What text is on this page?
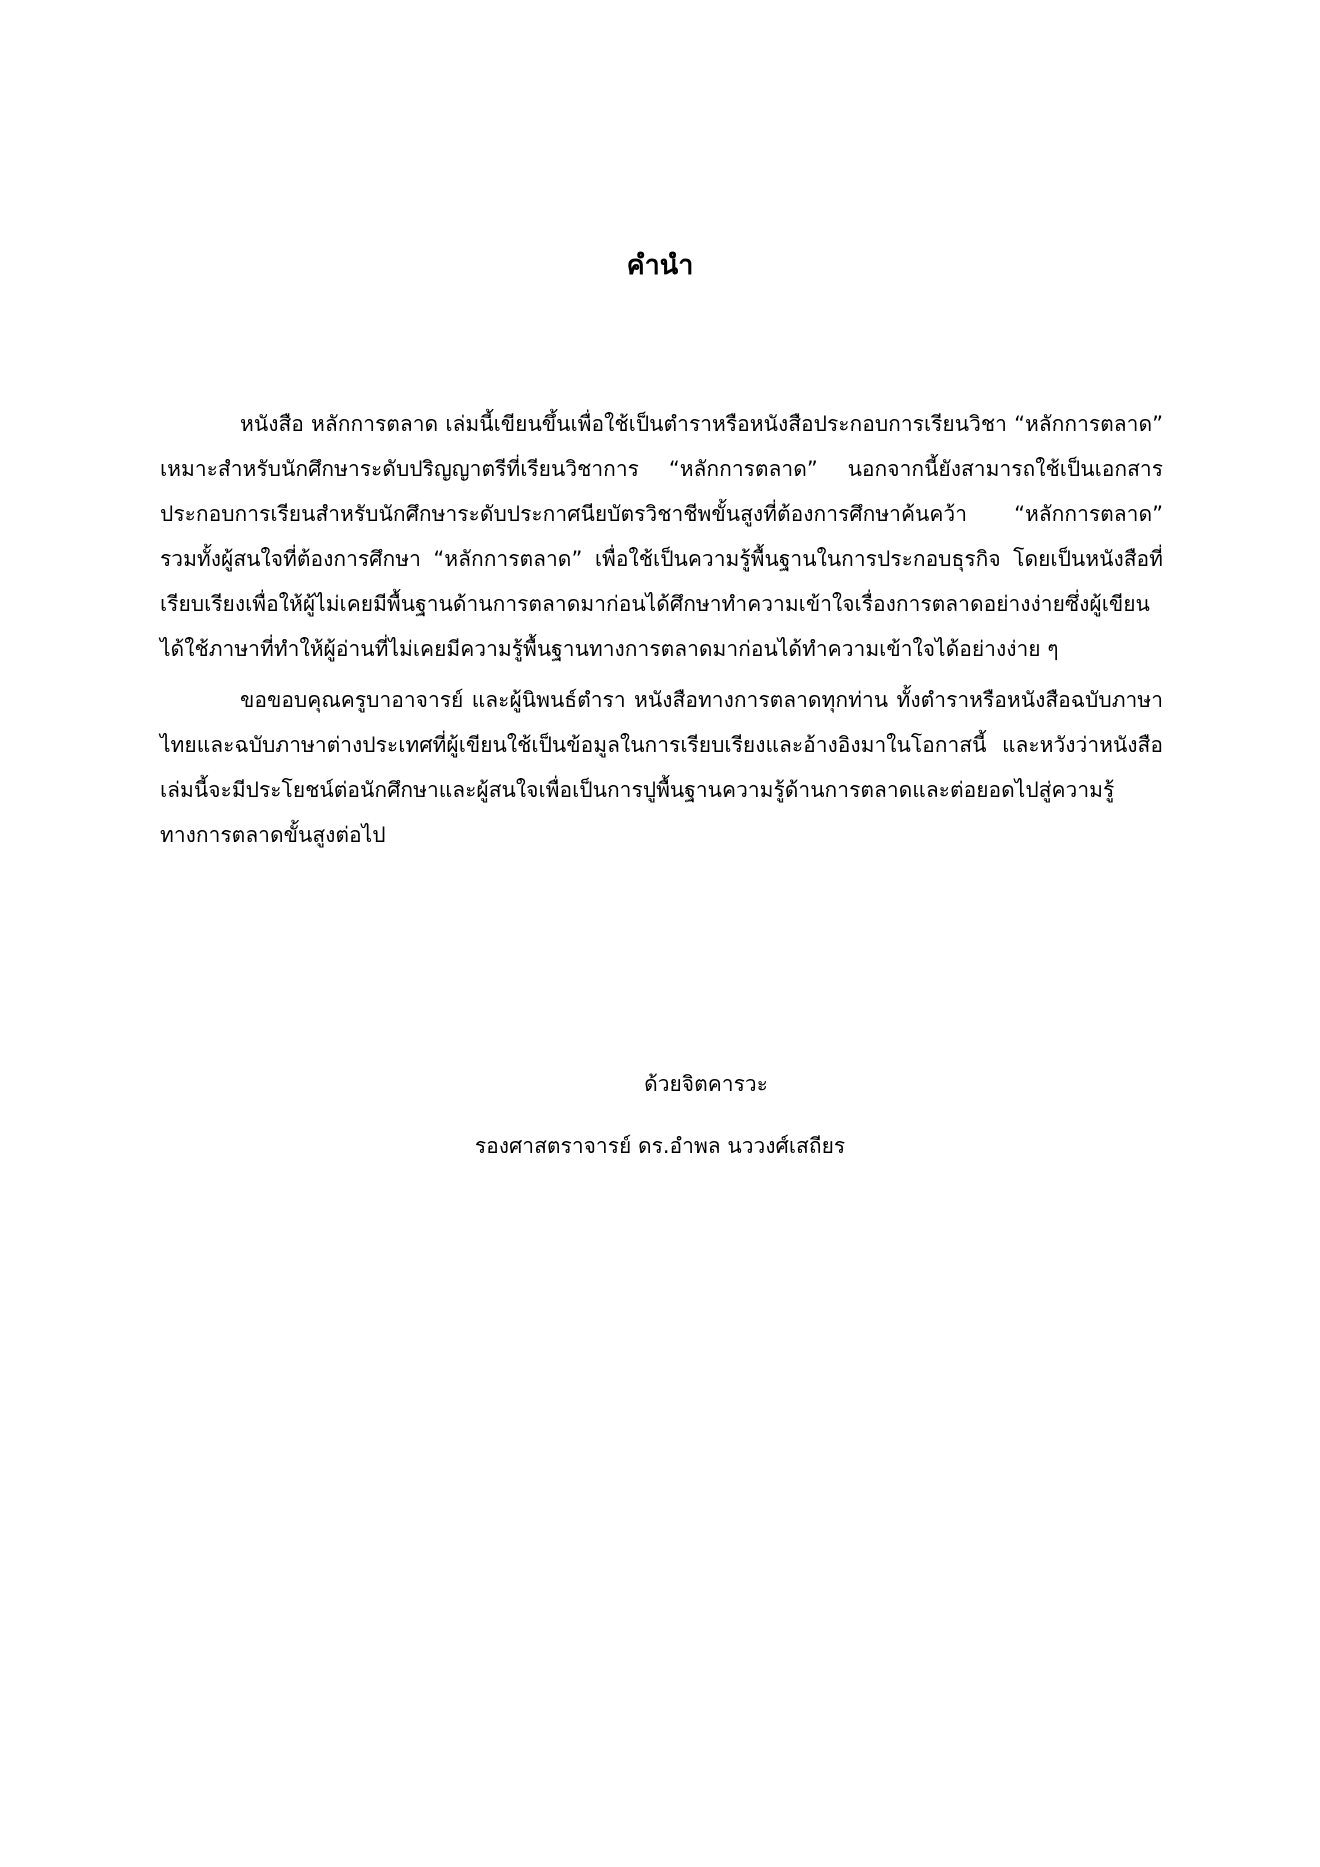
คำนำ

หนังสือ หลักการตลาด เล่มนี้เขียนขึ้นเพื่อใช้เป็นตำราหรือหนังสือประกอบการเรียนวิชา “หลักการตลาด” เหมาะสำหรับนักศึกษาระดับปริญญาตรีที่เรียนวิชาการ “หลักการตลาด” นอกจากนี้ยังสามารถใช้เป็นเอกสารประกอบการเรียนสำหรับนักศึกษาระดับประกาศนียบัตรวิชาชีพขั้นสูงที่ต้องการศึกษาค้นคว้า “หลักการตลาด” รวมทั้งผู้สนใจที่ต้องการศึกษา “หลักการตลาด” เพื่อใช้เป็นความรู้พื้นฐานในการประกอบธุรกิจ โดยเป็นหนังสือที่เรียบเรียงเพื่อให้ผู้ไม่เคยมีพื้นฐานด้านการตลาดมาก่อนได้ศึกษาทำความเข้าใจเรื่องการตลาดอย่างง่ายซึ่งผู้เขียนได้ใช้ภาษาที่ทำให้ผู้อ่านที่ไม่เคยมีความรู้พื้นฐานทางการตลาดมาก่อนได้ทำความเข้าใจได้อย่างง่าย ๆ

ขอขอบคุณครูบาอาจารย์ และผู้นิพนธ์ตำรา หนังสือทางการตลาดทุกท่าน ทั้งตำราหรือหนังสือฉบับภาษาไทยและฉบับภาษาต่างประเทศที่ผู้เขียนใช้เป็นข้อมูลในการเรียบเรียงและอ้างอิงมาในโอกาสนี้ และหวังว่าหนังสือเล่มนี้จะมีประโยชน์ต่อนักศึกษาและผู้สนใจเพื่อเป็นการปูพื้นฐานความรู้ด้านการตลาดและต่อยอดไปสู่ความรู้ทางการตลาดขั้นสูงต่อไป

ด้วยจิตคารวะ
รองศาสตราจารย์ ดร.อำพล นววงศ์เสถียร
